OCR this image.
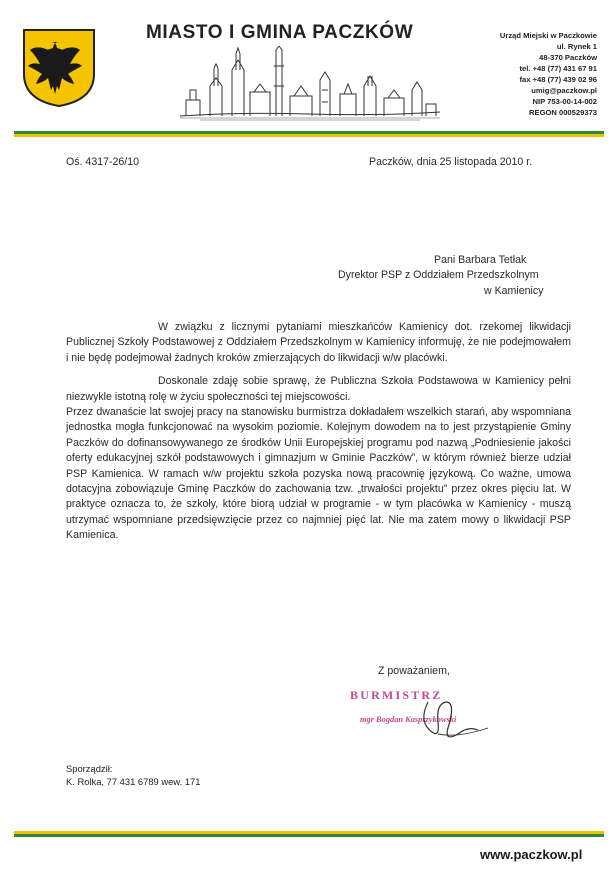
MIASTO I GMINA PACZKÓW	Urząd Miejski w Paczkowie
ul. Rynek 1
48-370 Paczków
tel. +48 (77) 431 67 91
fax +48 (77) 439 02 96
umig@paczkow.pl
NIP 753-00-14-002
REGON 000529373
Oś. 4317-26/10	Paczków, dnia 25 listopada 2010 r.
Pani Barbara Tetłak
Dyrektor PSP z Oddziałem Przedszkolnym
w Kamienicy

W związku z licznymi pytaniami mieszkańców Kamienicy dot. rzekomej likwidacji Publicznej Szkoły Podstawowej z Oddziałem Przedszkolnym w Kamienicy informuję, że nie podejmowałem i nie będę podejmował żadnych kroków zmierzających do likwidacji w/w placówki.

Doskonale zdaję sobie sprawę, że Publiczna Szkoła Podstawowa w Kamienicy pełni niezwykle istotną rolę w życiu społeczności tej miejscowości.

Przez dwanaście lat swojej pracy na stanowisku burmistrza dokładałem wszelkich starań, aby wspomniana jednostka mogła funkcjonować na wysokim poziomie. Kolejnym dowodem na to jest przystąpienie Gminy Paczków do dofinansowywanego ze środków Unii Europejskiej programu pod nazwą „Podniesienie jakości oferty edukacyjnej szkół podstawowych i gimnazjum w Gminie Paczków”, w którym również bierze udział PSP Kamienica. W ramach w/w projektu szkoła pozyska nową pracownię językową. Co ważne, umowa dotacyjna zobowiązuje Gminę Paczków do zachowania tzw. „trwałości projektu” przez okres pięciu lat. W praktyce oznacza to, że szkoły, które biorą udział w programie - w tym placówka w Kamienicy - muszą utrzymać wspomniane przedsięwzięcie przez co najmniej pięć lat. Nie ma zatem mowy o likwidacji PSP Kamienica.

Z poważaniem,
BURMISTRZ
mgr Bogdan Kasprzykowski
Sporządził:
K. Rolka, 77 431 6789 wew. 171
www.paczkow.pl
